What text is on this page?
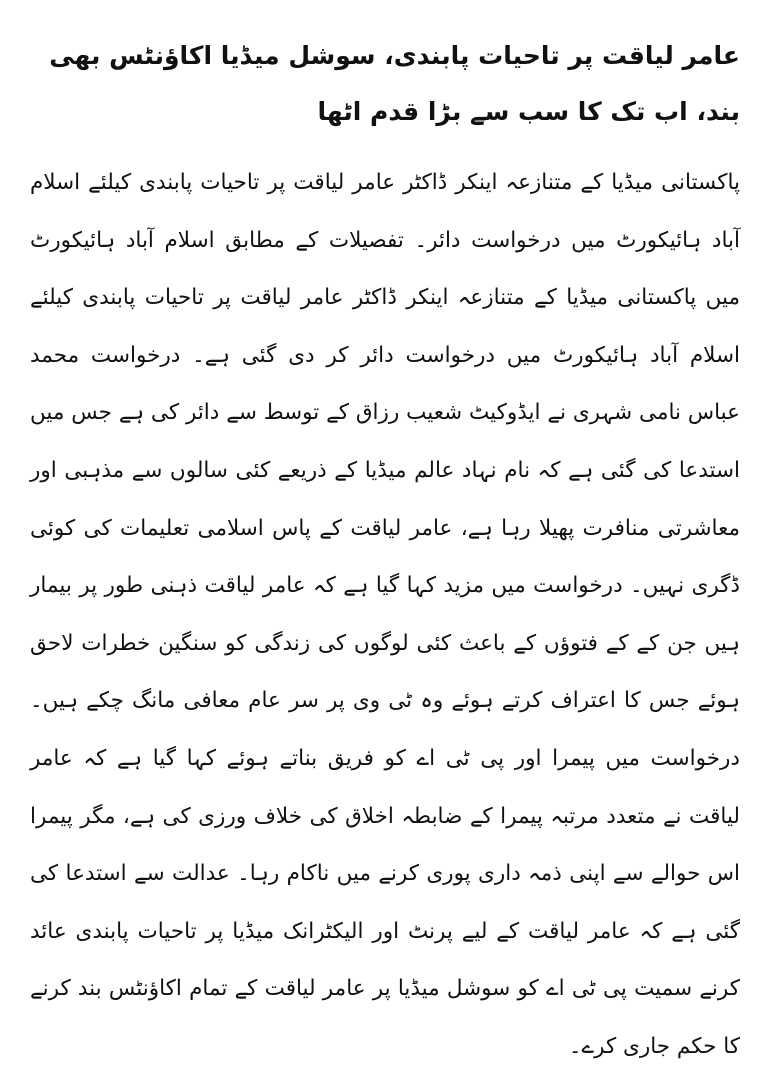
عامر لیاقت پر تاحیات پابندی، سوشل میڈیا اکاؤنٹس بھی بند، اب تک کا سب سے بڑا قدم اٹھا

پاکستانی میڈیا کے متنازعہ اینکر ڈاکٹر عامر لیاقت پر تاحیات پابندی کیلئے اسلام آباد ہائیکورٹ میں درخواست دائر۔ تفصیلات کے مطابق اسلام آباد ہائیکورٹ میں پاکستانی میڈیا کے متنازعہ اینکر ڈاکٹر عامر لیاقت پر تاحیات پابندی کیلئے اسلام آباد ہائیکورٹ میں درخواست دائر کر دی گئی ہے۔ درخواست محمد عباس نامی شہری نے ایڈوکیٹ شعیب رزاق کے توسط سے دائر کی ہے جس میں استدعا کی گئی ہے کہ نام نہاد عالم میڈیا کے ذریعے کئی سالوں سے مذہبی اور معاشرتی منافرت پھیلا رہا ہے، عامر لیاقت کے پاس اسلامی تعلیمات کی کوئی ڈگری نہیں۔ درخواست میں مزید کہا گیا ہے کہ عامر لیاقت ذہنی طور پر بیمار ہیں جن کے کے فتوؤں کے باعث کئی لوگوں کی زندگی کو سنگین خطرات لاحق ہوئے جس کا اعتراف کرتے ہوئے وہ ٹی وی پر سر عام معافی مانگ چکے ہیں۔ درخواست میں پیمرا اور پی ٹی اے کو فریق بناتے ہوئے کہا گیا ہے کہ عامر لیاقت نے متعدد مرتبہ پیمرا کے ضابطہ اخلاق کی خلاف ورزی کی ہے، مگر پیمرا اس حوالے سے اپنی ذمہ داری پوری کرنے میں ناکام رہا۔ عدالت سے استدعا کی گئی ہے کہ عامر لیاقت کے لیے پرنٹ اور الیکٹرانک میڈیا پر تاحیات پابندی عائد کرنے سمیت پی ٹی اے کو سوشل میڈیا پر عامر لیاقت کے تمام اکاؤنٹس بند کرنے کا حکم جاری کرے۔
